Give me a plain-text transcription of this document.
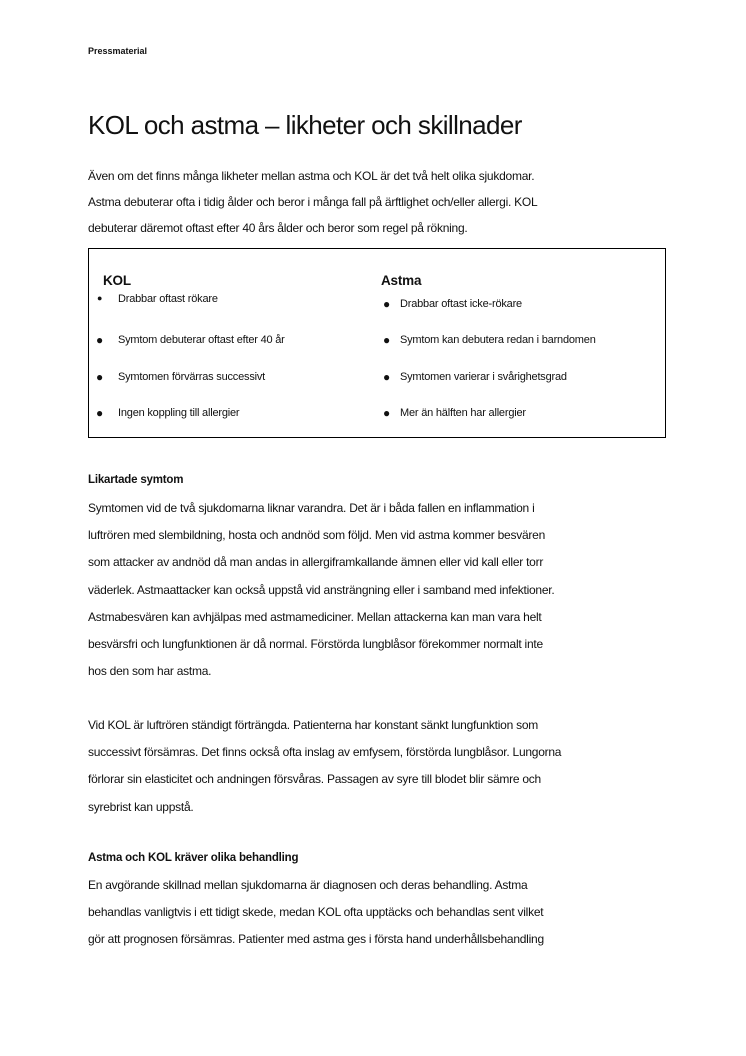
Pressmaterial
KOL och astma – likheter och skillnader
Även om det finns många likheter mellan astma och KOL är det två helt olika sjukdomar.
Astma debuterar ofta i tidig ålder och beror i många fall på ärftlighet och/eller allergi. KOL
debuterar däremot oftast efter 40 års ålder och beror som regel på rökning.
KOL
● Drabbar oftast rökare
● Symtom debuterar oftast efter 40 år
● Symtomen förvärras successivt
● Ingen koppling till allergier
Astma
● Drabbar oftast icke-rökare
● Symtom kan debutera redan i barndomen
● Symtomen varierar i svårighetsgrad
● Mer än hälften har allergier
Likartade symtom
Symtomen vid de två sjukdomarna liknar varandra. Det är i båda fallen en inflammation i
luftrören med slembildning, hosta och andnöd som följd. Men vid astma kommer besvären
som attacker av andnöd då man andas in allergiframkallande ämnen eller vid kall eller torr
väderlek. Astmaattacker kan också uppstå vid ansträngning eller i samband med infektioner.
Astmabesvären kan avhjälpas med astmamediciner. Mellan attackerna kan man vara helt
besvärsfri och lungfunktionen är då normal. Förstörda lungblåsor förekommer normalt inte
hos den som har astma.
Vid KOL är luftrören ständigt förträngda. Patienterna har konstant sänkt lungfunktion som
successivt försämras. Det finns också ofta inslag av emfysem, förstörda lungblåsor. Lungorna
förlorar sin elasticitet och andningen försvåras. Passagen av syre till blodet blir sämre och
syrebrist kan uppstå.
Astma och KOL kräver olika behandling
En avgörande skillnad mellan sjukdomarna är diagnosen och deras behandling. Astma
behandlas vanligtvis i ett tidigt skede, medan KOL ofta upptäcks och behandlas sent vilket
gör att prognosen försämras. Patienter med astma ges i första hand underhållsbehandling
